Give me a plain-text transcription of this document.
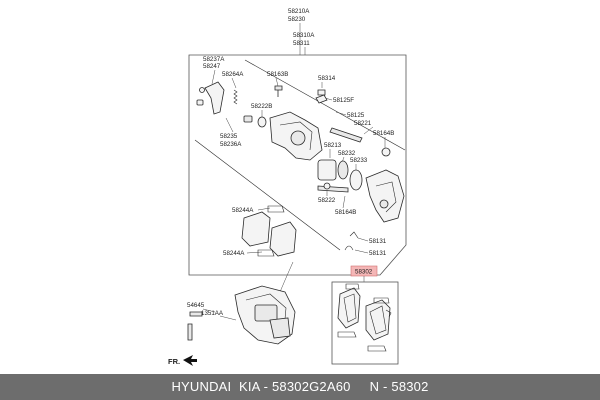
58210A
58230
58310A
58311
58237A
58247
58264A	58163B
58314
58125F
58222B
58125
58221
58164B
58235
58236A	58213
58232
58233
58222
58164B
58244A
58244A
58131
58131
54645
1351AA
FR.
58302
HYUNDAI  KIA - 58302G2A60     N - 58302
